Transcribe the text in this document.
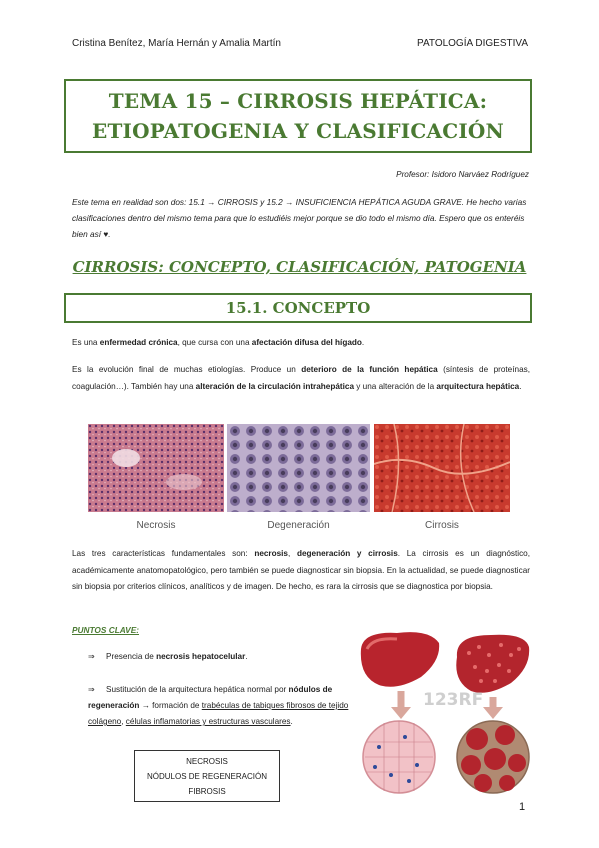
Cristina Benítez, María Hernán y Amalia Martín	PATOLOGÍA DIGESTIVA
TEMA 15 – CIRROSIS HEPÁTICA:
ETIOPATOGENIA Y CLASIFICACIÓN
Profesor: Isidoro Narváez Rodríguez
Este tema en realidad son dos: 15.1 → CIRROSIS y 15.2 → INSUFICIENCIA HEPÁTICA AGUDA GRAVE. He hecho varias clasificaciones dentro del mismo tema para que lo estudiéis mejor porque se dio todo el mismo día. Espero que os enteréis bien así ♥.
CIRROSIS: CONCEPTO, CLASIFICACIÓN, PATOGENIA
15.1. CONCEPTO
Es una enfermedad crónica, que cursa con una afectación difusa del hígado.
Es la evolución final de muchas etiologías. Produce un deterioro de la función hepática (síntesis de proteínas, coagulación…). También hay una alteración de la circulación intrahepática y una alteración de la arquitectura hepática.
Necrosis	Degeneración	Cirrosis
Las tres características fundamentales son: necrosis, degeneración y cirrosis. La cirrosis es un diagnóstico, académicamente anatomopatológico, pero también se puede diagnosticar sin biopsia. En la actualidad, se puede diagnosticar sin biopsia por criterios clínicos, analíticos y de imagen. De hecho, es rara la cirrosis que se diagnostica por biopsia.
PUNTOS CLAVE:
⇒ Presencia de necrosis hepatocelular.
⇒ Sustitución de la arquitectura hepática normal por nódulos de regeneración → formación de trabéculas de tabiques fibrosos de tejido colágeno, células inflamatorias y estructuras vasculares.
NECROSIS
NÓDULOS DE REGENERACIÓN
FIBROSIS
123RF
1
